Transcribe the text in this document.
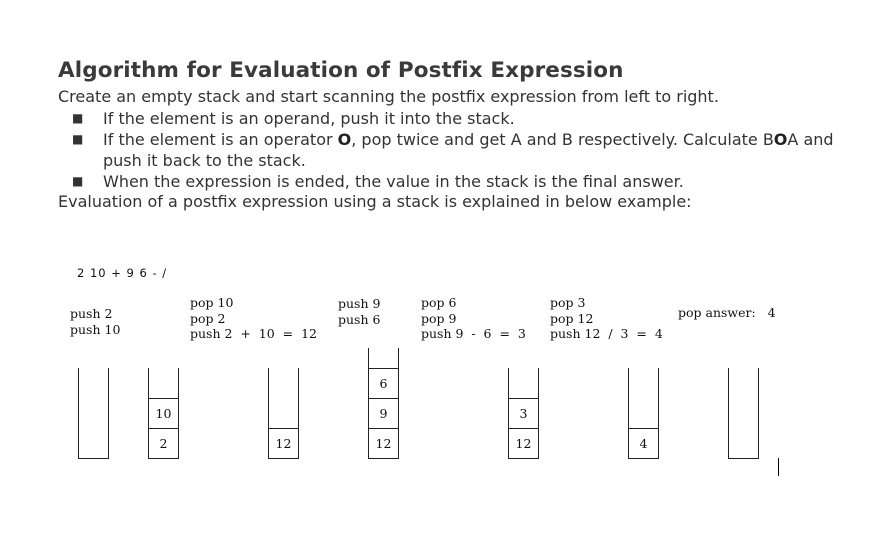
Algorithm for Evaluation of Postfix Expression

Create an empty stack and start scanning the postfix expression from left to right.

■ If the element is an operand, push it into the stack.
■ If the element is an operator O, pop twice and get A and B respectively. Calculate BOA and push it back to the stack.
■ When the expression is ended, the value in the stack is the final answer.

Evaluation of a postfix expression using a stack is explained in below example:

2 10 + 9 6 - /
push 2
push 10
pop 10
pop 2
push 2  +  10  =  12
push 9
push 6
pop 6
pop 9
push 9  -  6  =  3
pop 3
pop 12
push 12  /  3  =  4
pop answer:   4
10
2	12
6
9
12
3
12	4
